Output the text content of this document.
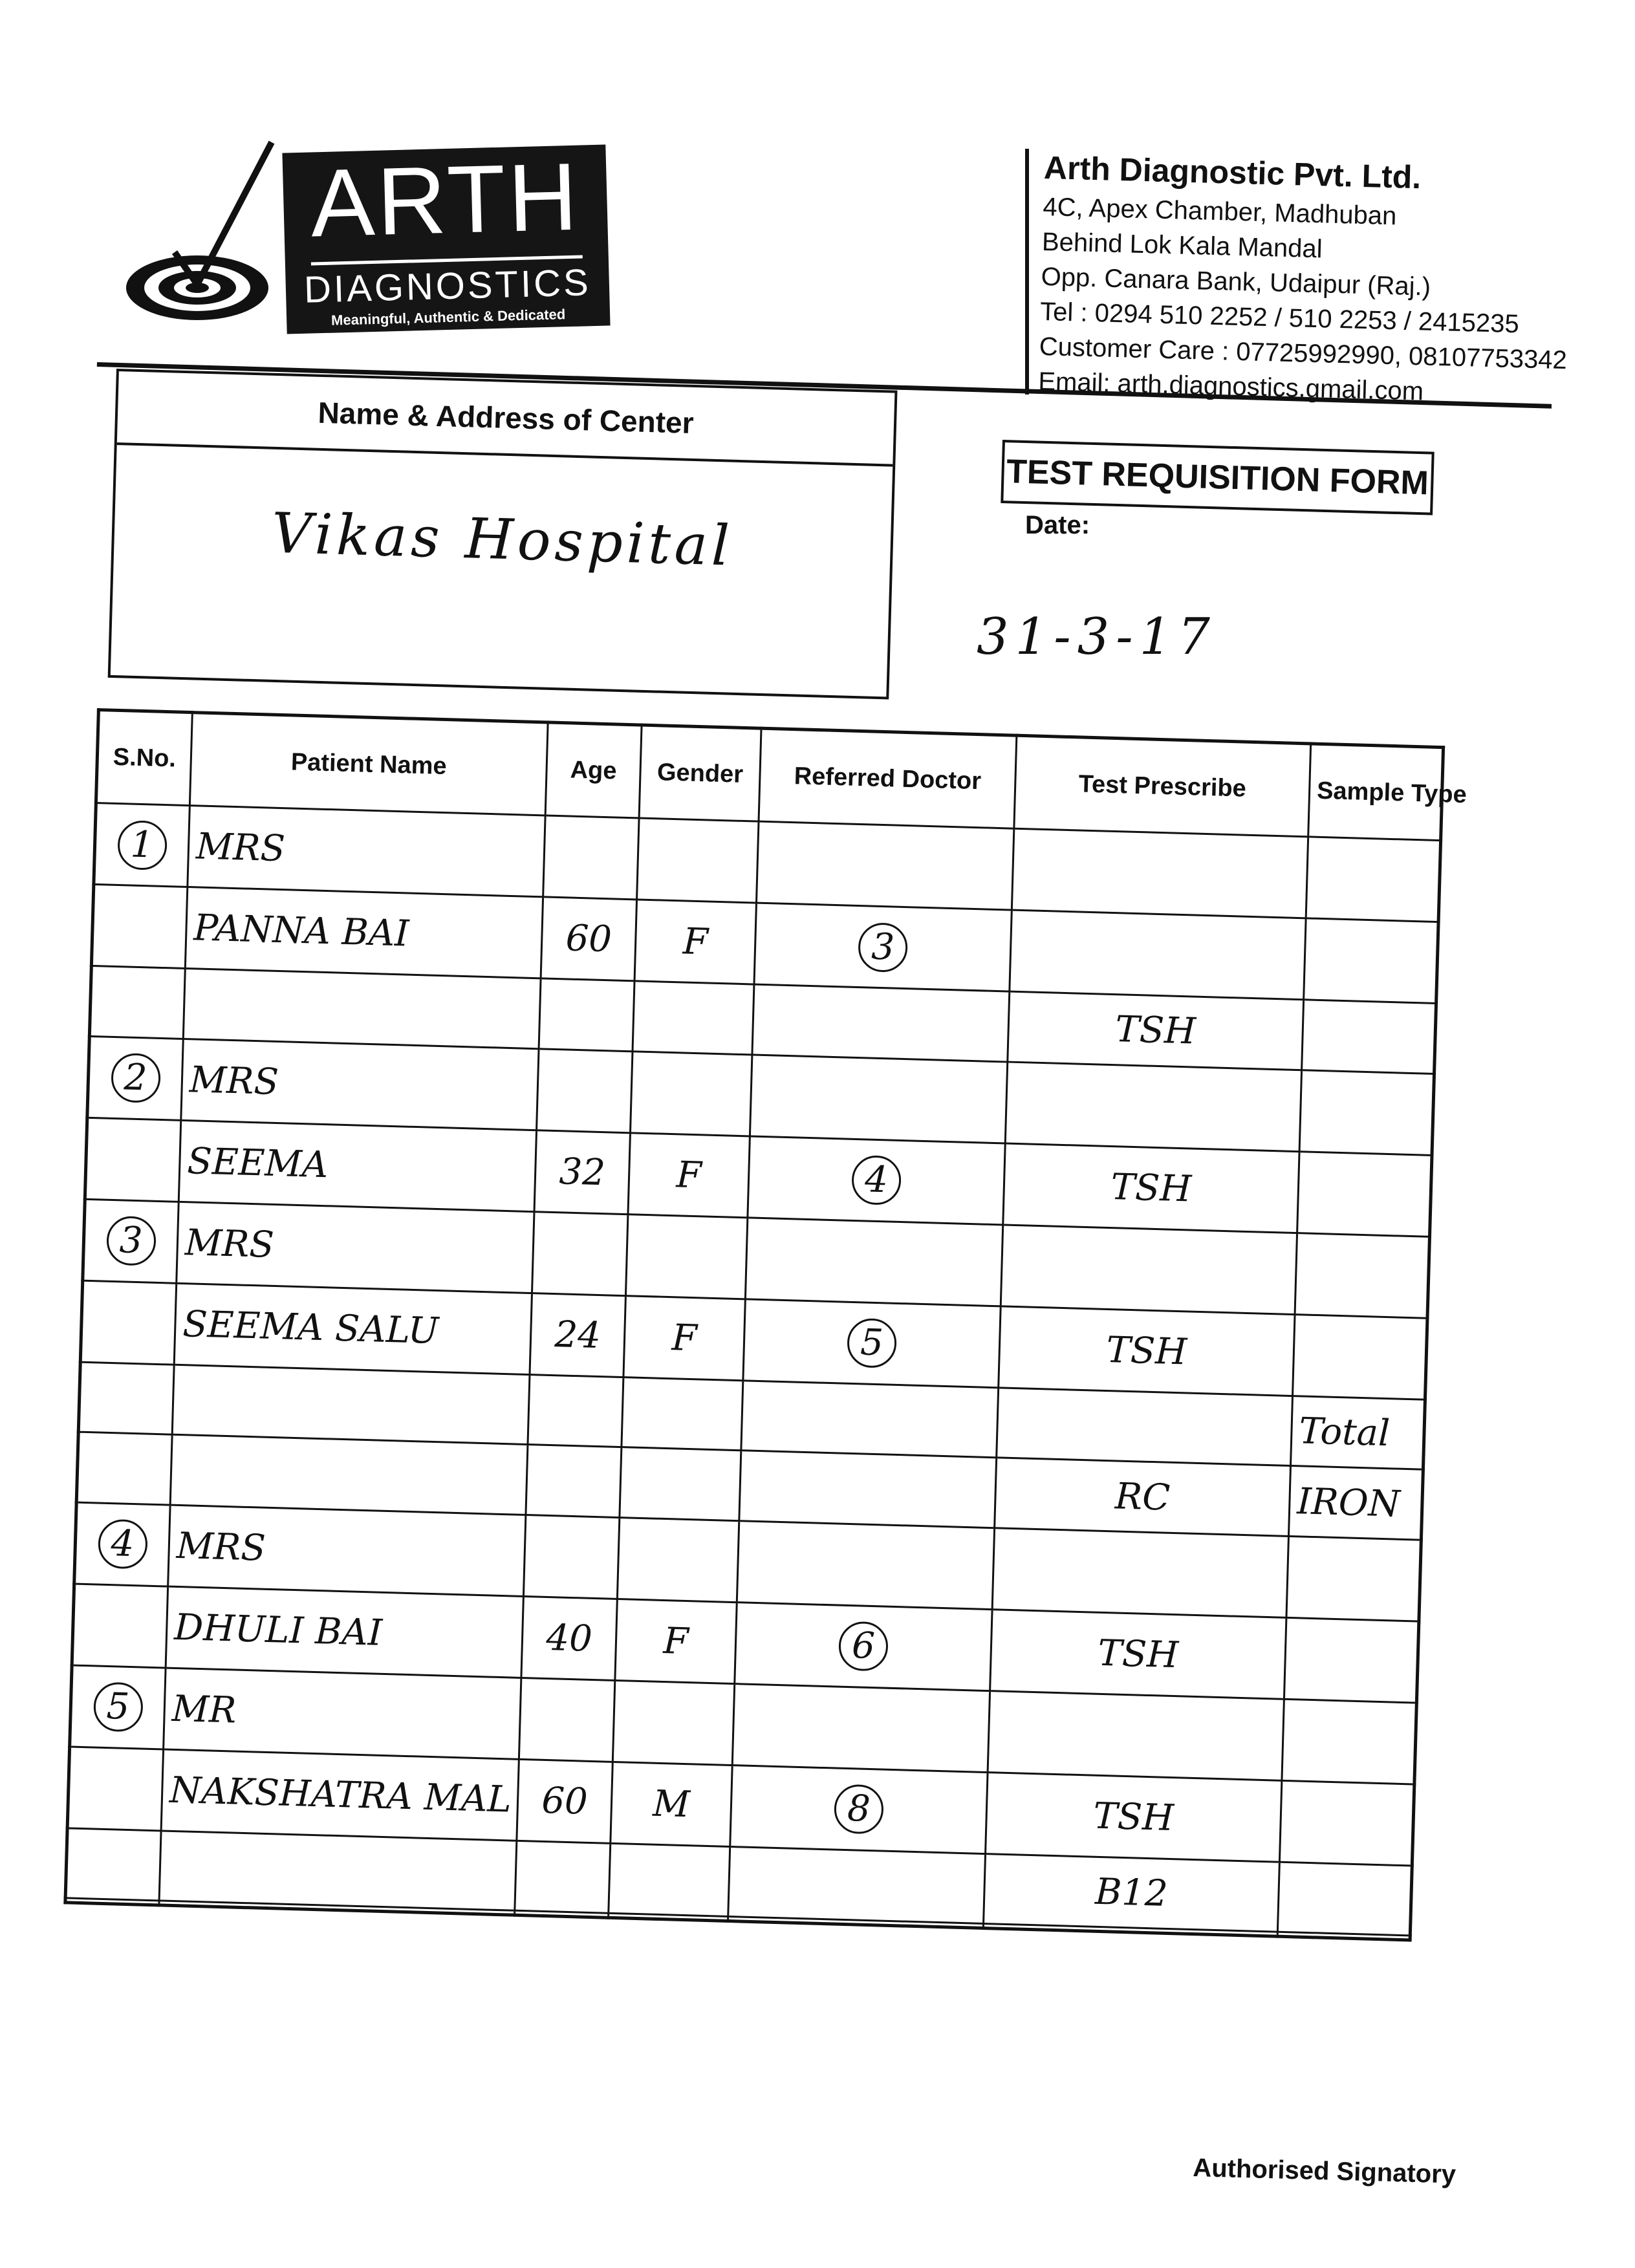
ARTH
DIAGNOSTICS
Meaningful, Authentic & Dedicated
Arth Diagnostic Pvt. Ltd.
4C, Apex Chamber, Madhuban
Behind Lok Kala Mandal
Opp. Canara Bank, Udaipur (Raj.)
Tel : 0294 510 2252 / 510 2253 / 2415235
Customer Care : 07725992990, 08107753342
Email: arth.diagnostics.gmail.com
Name & Address of Center
Vikas Hospital
TEST REQUISITION FORM
Date:
31-3-17
S.No.	Patient Name	Age	Gender	Referred Doctor	Test Prescribe	Sample Type
1	MRS					
	PANNA BAI	60	F	3		
					TSH	
2	MRS					
	SEEMA	32	F	4	TSH	
3	MRS					
	SEEMA SALU	24	F	5	TSH	
						Total
					RC	IRON
4	MRS					
	DHULI BAI	40	F	6	TSH	
5	MR					
	NAKSHATRA MAL	60	M	8	TSH	
					B12	

Authorised Signatory
